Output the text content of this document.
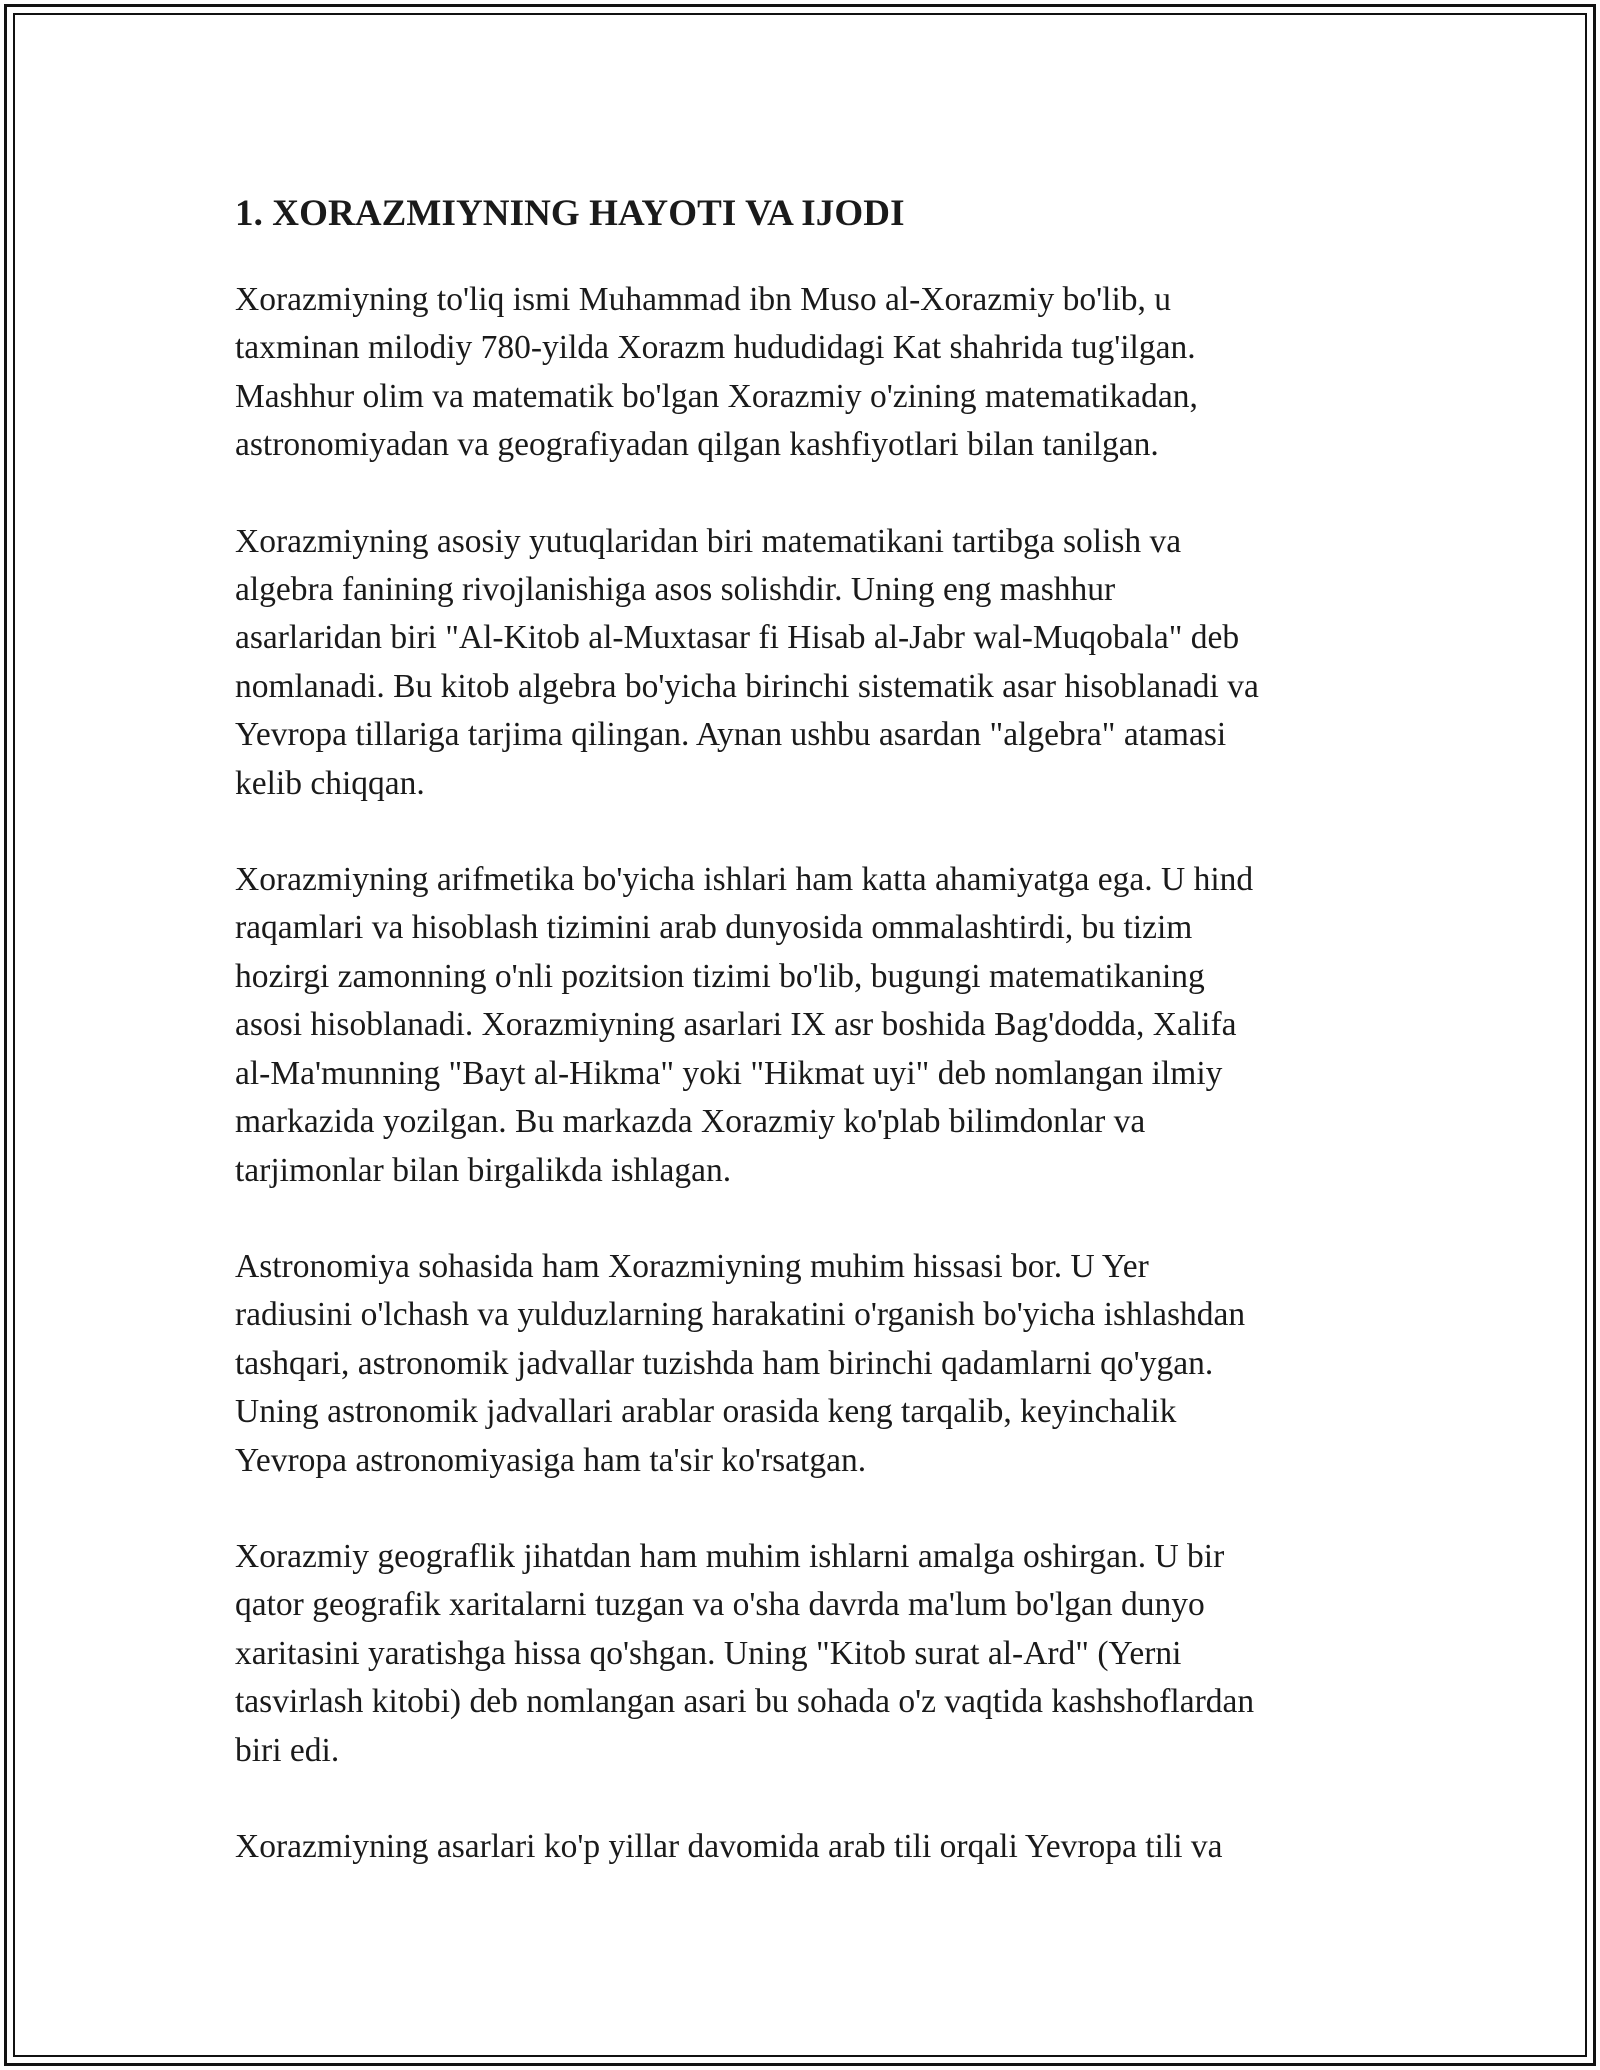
1. XORAZMIYNING HAYOTI VA IJODI
Xorazmiyning to'liq ismi Muhammad ibn Muso al-Xorazmiy bo'lib, u
taxminan milodiy 780-yilda Xorazm hududidagi Kat shahrida tug'ilgan.
Mashhur olim va matematik bo'lgan Xorazmiy o'zining matematikadan,
astronomiyadan va geografiyadan qilgan kashfiyotlari bilan tanilgan.
Xorazmiyning asosiy yutuqlaridan biri matematikani tartibga solish va
algebra fanining rivojlanishiga asos solishdir. Uning eng mashhur
asarlaridan biri "Al-Kitob al-Muxtasar fi Hisab al-Jabr wal-Muqobala" deb
nomlanadi. Bu kitob algebra bo'yicha birinchi sistematik asar hisoblanadi va
Yevropa tillariga tarjima qilingan. Aynan ushbu asardan "algebra" atamasi
kelib chiqqan.
Xorazmiyning arifmetika bo'yicha ishlari ham katta ahamiyatga ega. U hind
raqamlari va hisoblash tizimini arab dunyosida ommalashtirdi, bu tizim
hozirgi zamonning o'nli pozitsion tizimi bo'lib, bugungi matematikaning
asosi hisoblanadi. Xorazmiyning asarlari IX asr boshida Bag'dodda, Xalifa
al-Ma'munning "Bayt al-Hikma" yoki "Hikmat uyi" deb nomlangan ilmiy
markazida yozilgan. Bu markazda Xorazmiy ko'plab bilimdonlar va
tarjimonlar bilan birgalikda ishlagan.
Astronomiya sohasida ham Xorazmiyning muhim hissasi bor. U Yer
radiusini o'lchash va yulduzlarning harakatini o'rganish bo'yicha ishlashdan
tashqari, astronomik jadvallar tuzishda ham birinchi qadamlarni qo'ygan.
Uning astronomik jadvallari arablar orasida keng tarqalib, keyinchalik
Yevropa astronomiyasiga ham ta'sir ko'rsatgan.
Xorazmiy geograflik jihatdan ham muhim ishlarni amalga oshirgan. U bir
qator geografik xaritalarni tuzgan va o'sha davrda ma'lum bo'lgan dunyo
xaritasini yaratishga hissa qo'shgan. Uning "Kitob surat al-Ard" (Yerni
tasvirlash kitobi) deb nomlangan asari bu sohada o'z vaqtida kashshoflardan
biri edi.
Xorazmiyning asarlari ko'p yillar davomida arab tili orqali Yevropa tili va
